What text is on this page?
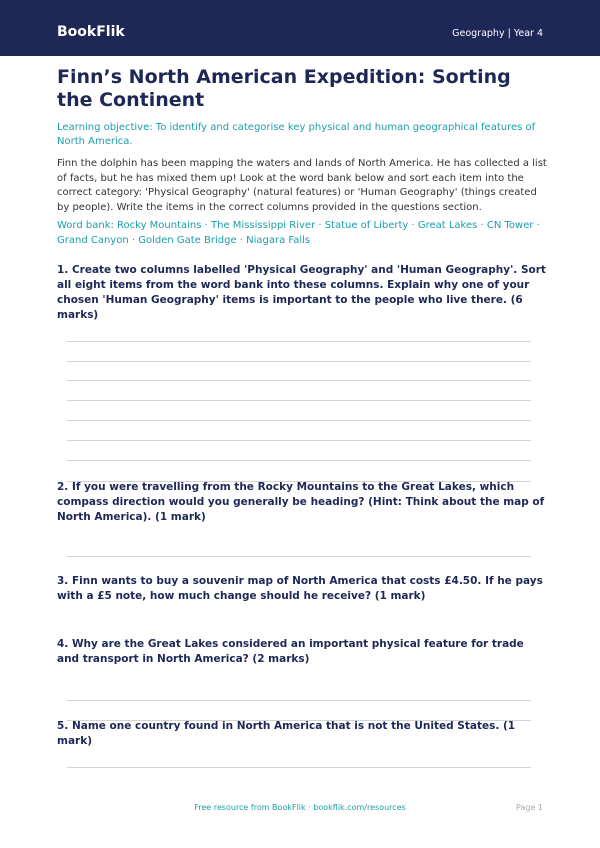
BookFlik	Geography | Year 4
Finn’s North American Expedition: Sorting the Continent

Learning objective: To identify and categorise key physical and human geographical features of North America.

Finn the dolphin has been mapping the waters and lands of North America. He has collected a list of facts, but he has mixed them up! Look at the word bank below and sort each item into the correct category: 'Physical Geography' (natural features) or 'Human Geography' (things created by people). Write the items in the correct columns provided in the questions section.

Word bank: Rocky Mountains · The Mississippi River · Statue of Liberty · Great Lakes · CN Tower · Grand Canyon · Golden Gate Bridge · Niagara Falls

1. Create two columns labelled 'Physical Geography' and 'Human Geography'. Sort all eight items from the word bank into these columns. Explain why one of your chosen 'Human Geography' items is important to the people who live there. (6 marks)

2. If you were travelling from the Rocky Mountains to the Great Lakes, which compass direction would you generally be heading? (Hint: Think about the map of North America). (1 mark)

3. Finn wants to buy a souvenir map of North America that costs £4.50. If he pays with a £5 note, how much change should he receive? (1 mark)

4. Why are the Great Lakes considered an important physical feature for trade and transport in North America? (2 marks)

5. Name one country found in North America that is not the United States. (1 mark)

Free resource from BookFlik · bookflik.com/resources	Page 1
